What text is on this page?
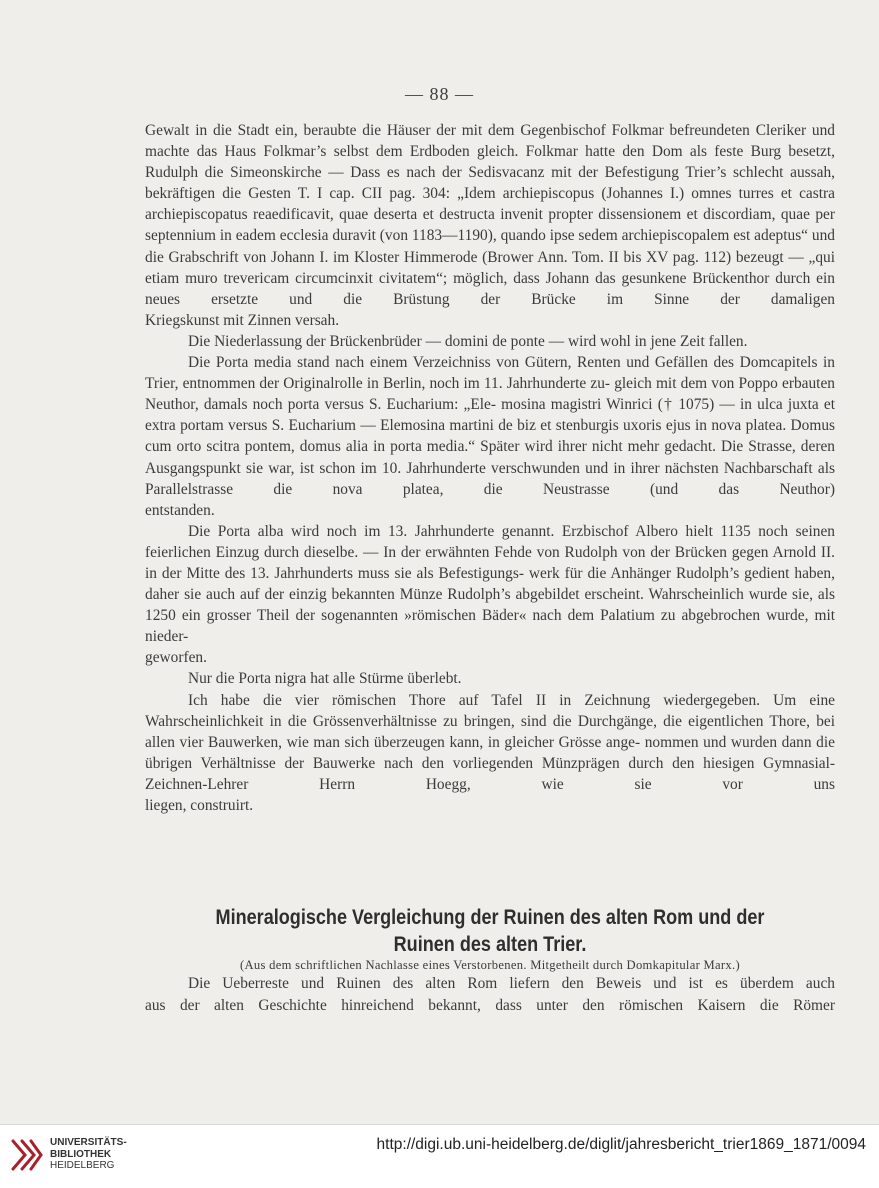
— 88 —

Gewalt in die Stadt ein, beraubte die Häuser der mit dem Gegenbischof Folkmar befreundeten Cleriker und machte das Haus Folkmar’s selbst dem Erdboden gleich. Folkmar hatte den Dom als feste Burg besetzt, Rudulph die Simeonskirche — Dass es nach der Sedisvacanz mit der Befestigung Trier’s schlecht aussah, bekräftigen die Gesten T. I cap. CII pag. 304: „Idem archiepiscopus (Johannes I.) omnes turres et castra archiepiscopatus reaedificavit, quae deserta et destructa invenit propter dissensionem et discordiam, quae per septennium in eadem ecclesia duravit (von 1183—1190), quando ipse sedem archiepiscopalem est adeptus“ und die Grabschrift von Johann I. im Kloster Himmerode (Brower Ann. Tom. II bis XV pag. 112) bezeugt — „qui etiam muro trevericam circumcinxit civitatem“; möglich, dass Johann das gesunkene Brückenthor durch ein neues ersetzte und die Brüstung der Brücke im Sinne der damaligen

Kriegskunst mit Zinnen versah.

Die Niederlassung der Brückenbrüder — domini de ponte — wird wohl in jene Zeit fallen.

Die Porta media stand nach einem Verzeichniss von Gütern, Renten und Gefällen des Domcapitels in Trier, entnommen der Originalrolle in Berlin, noch im 11. Jahrhunderte zu- gleich mit dem von Poppo erbauten Neuthor, damals noch porta versus S. Eucharium: „Ele- mosina magistri Winrici († 1075) — in ulca juxta et extra portam versus S. Eucharium — Elemosina martini de biz et stenburgis uxoris ejus in nova platea. Domus cum orto scitra pontem, domus alia in porta media.“ Später wird ihrer nicht mehr gedacht. Die Strasse, deren Ausgangspunkt sie war, ist schon im 10. Jahrhunderte verschwunden und in ihrer nächsten Nachbarschaft als Parallelstrasse die nova platea, die Neustrasse (und das Neuthor)

entstanden.

Die Porta alba wird noch im 13. Jahrhunderte genannt. Erzbischof Albero hielt 1135 noch seinen feierlichen Einzug durch dieselbe. — In der erwähnten Fehde von Rudolph von der Brücken gegen Arnold II. in der Mitte des 13. Jahrhunderts muss sie als Befestigungs- werk für die Anhänger Rudolph’s gedient haben, daher sie auch auf der einzig bekannten Münze Rudolph’s abgebildet erscheint. Wahrscheinlich wurde sie, als 1250 ein grosser Theil der sogenannten »römischen Bäder« nach dem Palatium zu abgebrochen wurde, mit nieder-

geworfen.

Nur die Porta nigra hat alle Stürme überlebt.

Ich habe die vier römischen Thore auf Tafel II in Zeichnung wiedergegeben. Um eine Wahrscheinlichkeit in die Grössenverhältnisse zu bringen, sind die Durchgänge, die eigentlichen Thore, bei allen vier Bauwerken, wie man sich überzeugen kann, in gleicher Grösse ange- nommen und wurden dann die übrigen Verhältnisse der Bauwerke nach den vorliegenden Münzprägen durch den hiesigen Gymnasial-Zeichnen-Lehrer Herrn Hoegg, wie sie vor uns

liegen, construirt.

Mineralogische Vergleichung der Ruinen des alten Rom und der
Ruinen des alten Trier.
(Aus dem schriftlichen Nachlasse eines Verstorbenen. Mitgetheilt durch Domkapitular Marx.)

Die Ueberreste und Ruinen des alten Rom liefern den Beweis und ist es überdem auch

aus der alten Geschichte hinreichend bekannt, dass unter den römischen Kaisern die Römer

UNIVERSITÄTS-
BIBLIOTHEK
HEIDELBERG
http://digi.ub.uni-heidelberg.de/diglit/jahresbericht_trier1869_1871/0094
